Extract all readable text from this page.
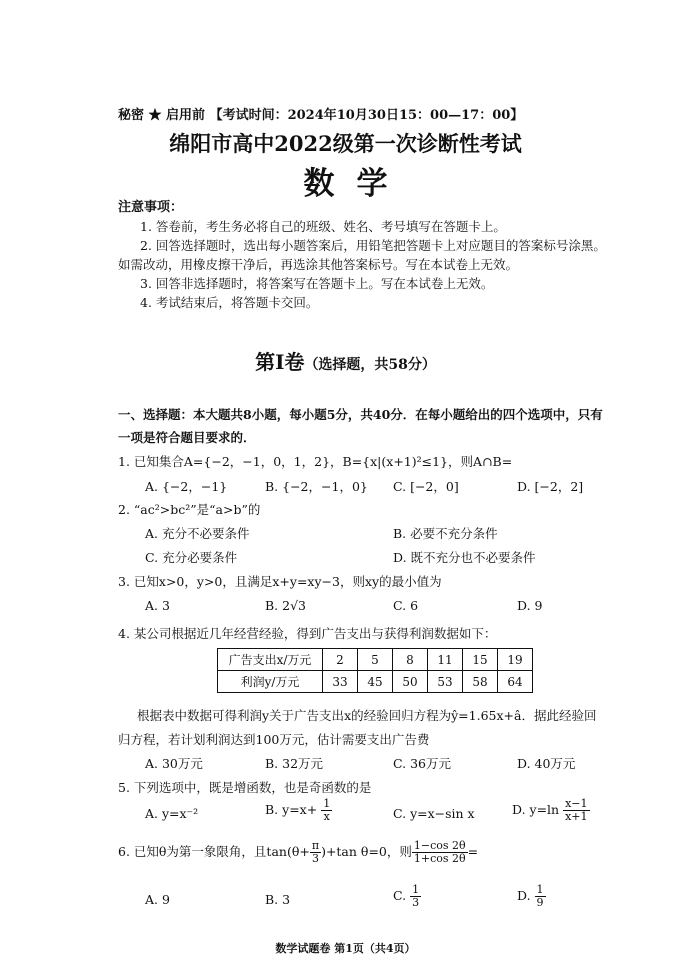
秘密 ★ 启用前 【考试时间：2024年10月30日15：00—17：00】
绵阳市高中2022级第一次诊断性考试
数学
注意事项：
1. 答卷前，考生务必将自己的班级、姓名、考号填写在答题卡上。
2. 回答选择题时，选出每小题答案后，用铅笔把答题卡上对应题目的答案标号涂黑。
如需改动，用橡皮擦干净后，再选涂其他答案标号。写在本试卷上无效。
3. 回答非选择题时，将答案写在答题卡上。写在本试卷上无效。
4. 考试结束后，将答题卡交回。
第Ⅰ卷（选择题，共58分）
一、选择题：本大题共8小题，每小题5分，共40分．在每小题给出的四个选项中，只有
一项是符合题目要求的．
1. 已知集合A={−2，−1，0，1，2}，B={x|(x+1)²≤1}，则A∩B=
A. {−2，−1}	B. {−2，−1，0} C. [−2，0]	D. [−2，2]
2. “ac²>bc²”是“a>b”的
A. 充分不必要条件	B. 必要不充分条件
C. 充分必要条件	D. 既不充分也不必要条件
3. 已知x>0，y>0，且满足x+y=xy−3，则xy的最小值为
A. 3	B. 2√3	C. 6	D. 9
4. 某公司根据近几年经营经验，得到广告支出与获得利润数据如下：
广告支出x/万元	2	5	8	11	15	19
利润y/万元	33	45	50	53	58	64
根据表中数据可得利润y关于广告支出x的经验回归方程为ŷ=1.65x+â．据此经验回
归方程，若计划利润达到100万元，估计需要支出广告费
A. 30万元	B. 32万元	C. 36万元	D. 40万元
5. 下列选项中，既是增函数，也是奇函数的是
A. y=x⁻²	B. $y=x+ \frac{1}{x}$	C. y=x−sin x	D. $y=\ln \frac{x-1}{x+1}$
6. 已知θ为第一象限角，且$\tan(\theta+ \frac{\pi}{3} )+\tan$ θ=0，则 $\frac{1-\cos 2\theta}{1+\cos 2\theta}$ =
A. 9	B. 3	C. $\frac{1}{3}$	D. $\frac{1}{9}$
数学试题卷 第1页（共4页）
